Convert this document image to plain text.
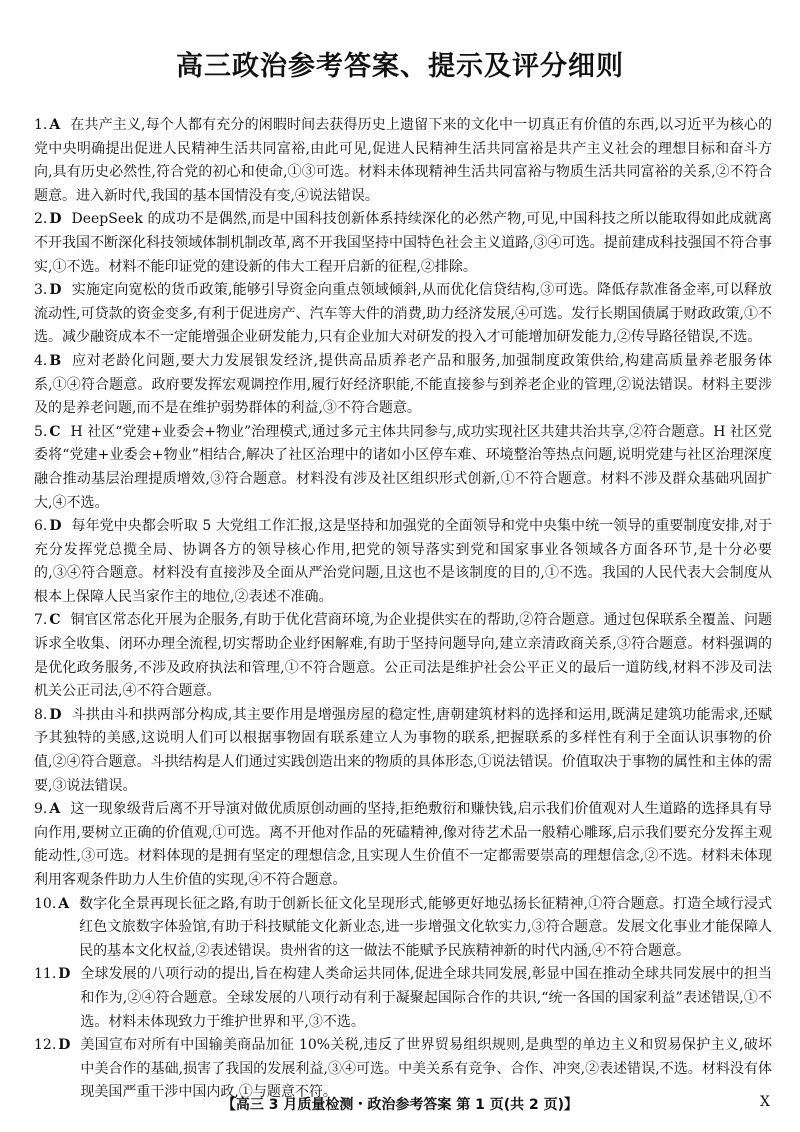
高三政治参考答案、提示及评分细则
1. A 在共产主义,每个人都有充分的闲暇时间去获得历史上遗留下来的文化中一切真正有价值的东西,以习近平为核心的党中央明确提出促进人民精神生活共同富裕,由此可见,促进人民精神生活共同富裕是共产主义社会的理想目标和奋斗方向,具有历史必然性,符合党的初心和使命,①③可选。材料未体现精神生活共同富裕与物质生活共同富裕的关系,②不符合题意。进入新时代,我国的基本国情没有变,④说法错误。
2. D DeepSeek 的成功不是偶然,而是中国科技创新体系持续深化的必然产物,可见,中国科技之所以能取得如此成就离不开我国不断深化科技领域体制机制改革,离不开我国坚持中国特色社会主义道路,③④可选。提前建成科技强国不符合事实,①不选。材料不能印证党的建设新的伟大工程开启新的征程,②排除。
3. D 实施定向宽松的货币政策,能够引导资金向重点领域倾斜,从而优化信贷结构,③可选。降低存款准备金率,可以释放流动性,可贷款的资金变多,有利于促进房产、汽车等大件的消费,助力经济发展,④可选。发行长期国债属于财政政策,①不选。减少融资成本不一定能增强企业研发能力,只有企业加大对研发的投入才可能增加研发能力,②传导路径错误,不选。
4. B 应对老龄化问题,要大力发展银发经济,提供高品质养老产品和服务,加强制度政策供给,构建高质量养老服务体系,①④符合题意。政府要发挥宏观调控作用,履行好经济职能,不能直接参与到养老企业的管理,②说法错误。材料主要涉及的是养老问题,而不是在维护弱势群体的利益,③不符合题意。
5. C H 社区“党建+业委会+物业”治理模式,通过多元主体共同参与,成功实现社区共建共治共享,②符合题意。H 社区党委将“党建+业委会+物业”相结合,解决了社区治理中的诸如小区停车难、环境整治等热点问题,说明党建与社区治理深度融合推动基层治理提质增效,③符合题意。材料没有涉及社区组织形式创新,①不符合题意。材料不涉及群众基础巩固扩大,④不选。
6. D 每年党中央都会听取 5 大党组工作汇报,这是坚持和加强党的全面领导和党中央集中统一领导的重要制度安排,对于充分发挥党总揽全局、协调各方的领导核心作用,把党的领导落实到党和国家事业各领域各方面各环节,是十分必要的,③④符合题意。材料没有直接涉及全面从严治党问题,且这也不是该制度的目的,①不选。我国的人民代表大会制度从根本上保障人民当家作主的地位,②表述不准确。
7. C 铜官区常态化开展为企服务,有助于优化营商环境,为企业提供实在的帮助,②符合题意。通过包保联系全覆盖、问题诉求全收集、闭环办理全流程,切实帮助企业纾困解难,有助于坚持问题导向,建立亲清政商关系,③符合题意。材料强调的是优化政务服务,不涉及政府执法和管理,①不符合题意。公正司法是维护社会公平正义的最后一道防线,材料不涉及司法机关公正司法,④不符合题意。
8. D 斗拱由斗和拱两部分构成,其主要作用是增强房屋的稳定性,唐朝建筑材料的选择和运用,既满足建筑功能需求,还赋予其独特的美感,这说明人们可以根据事物固有联系建立人为事物的联系,把握联系的多样性有利于全面认识事物的价值,②④符合题意。斗拱结构是人们通过实践创造出来的物质的具体形态,①说法错误。价值取决于事物的属性和主体的需要,③说法错误。
9. A 这一现象级背后离不开导演对做优质原创动画的坚持,拒绝敷衍和赚快钱,启示我们价值观对人生道路的选择具有导向作用,要树立正确的价值观,①可选。离不开他对作品的死磕精神,像对待艺术品一般精心雕琢,启示我们要充分发挥主观能动性,③可选。材料体现的是拥有坚定的理想信念,且实现人生价值不一定都需要崇高的理想信念,②不选。材料未体现利用客观条件助力人生价值的实现,④不符合题意。
10. A 数字化全景再现长征之路,有助于创新长征文化呈现形式,能够更好地弘扬长征精神,①符合题意。打造全域行浸式红色文旅数字体验馆,有助于科技赋能文化新业态,进一步增强文化软实力,③符合题意。发展文化事业才能保障人民的基本文化权益,②表述错误。贵州省的这一做法不能赋予民族精神新的时代内涵,④不符合题意。
11. D 全球发展的八项行动的提出,旨在构建人类命运共同体,促进全球共同发展,彰显中国在推动全球共同发展中的担当和作为,②④符合题意。全球发展的八项行动有利于凝聚起国际合作的共识,“统一各国的国家利益”表述错误,①不选。材料未体现致力于维护世界和平,③不选。
12. D 美国宣布对所有中国输美商品加征 10%关税,违反了世界贸易组织规则,是典型的单边主义和贸易保护主义,破坏中美合作的基础,损害了我国的发展利益,③④可选。中美关系有竞争、合作、冲突,②表述错误,不选。材料没有体现美国严重干涉中国内政,①与题意不符。
【高三 3 月质量检测・政治参考答案 第 1 页(共 2 页)】	X
